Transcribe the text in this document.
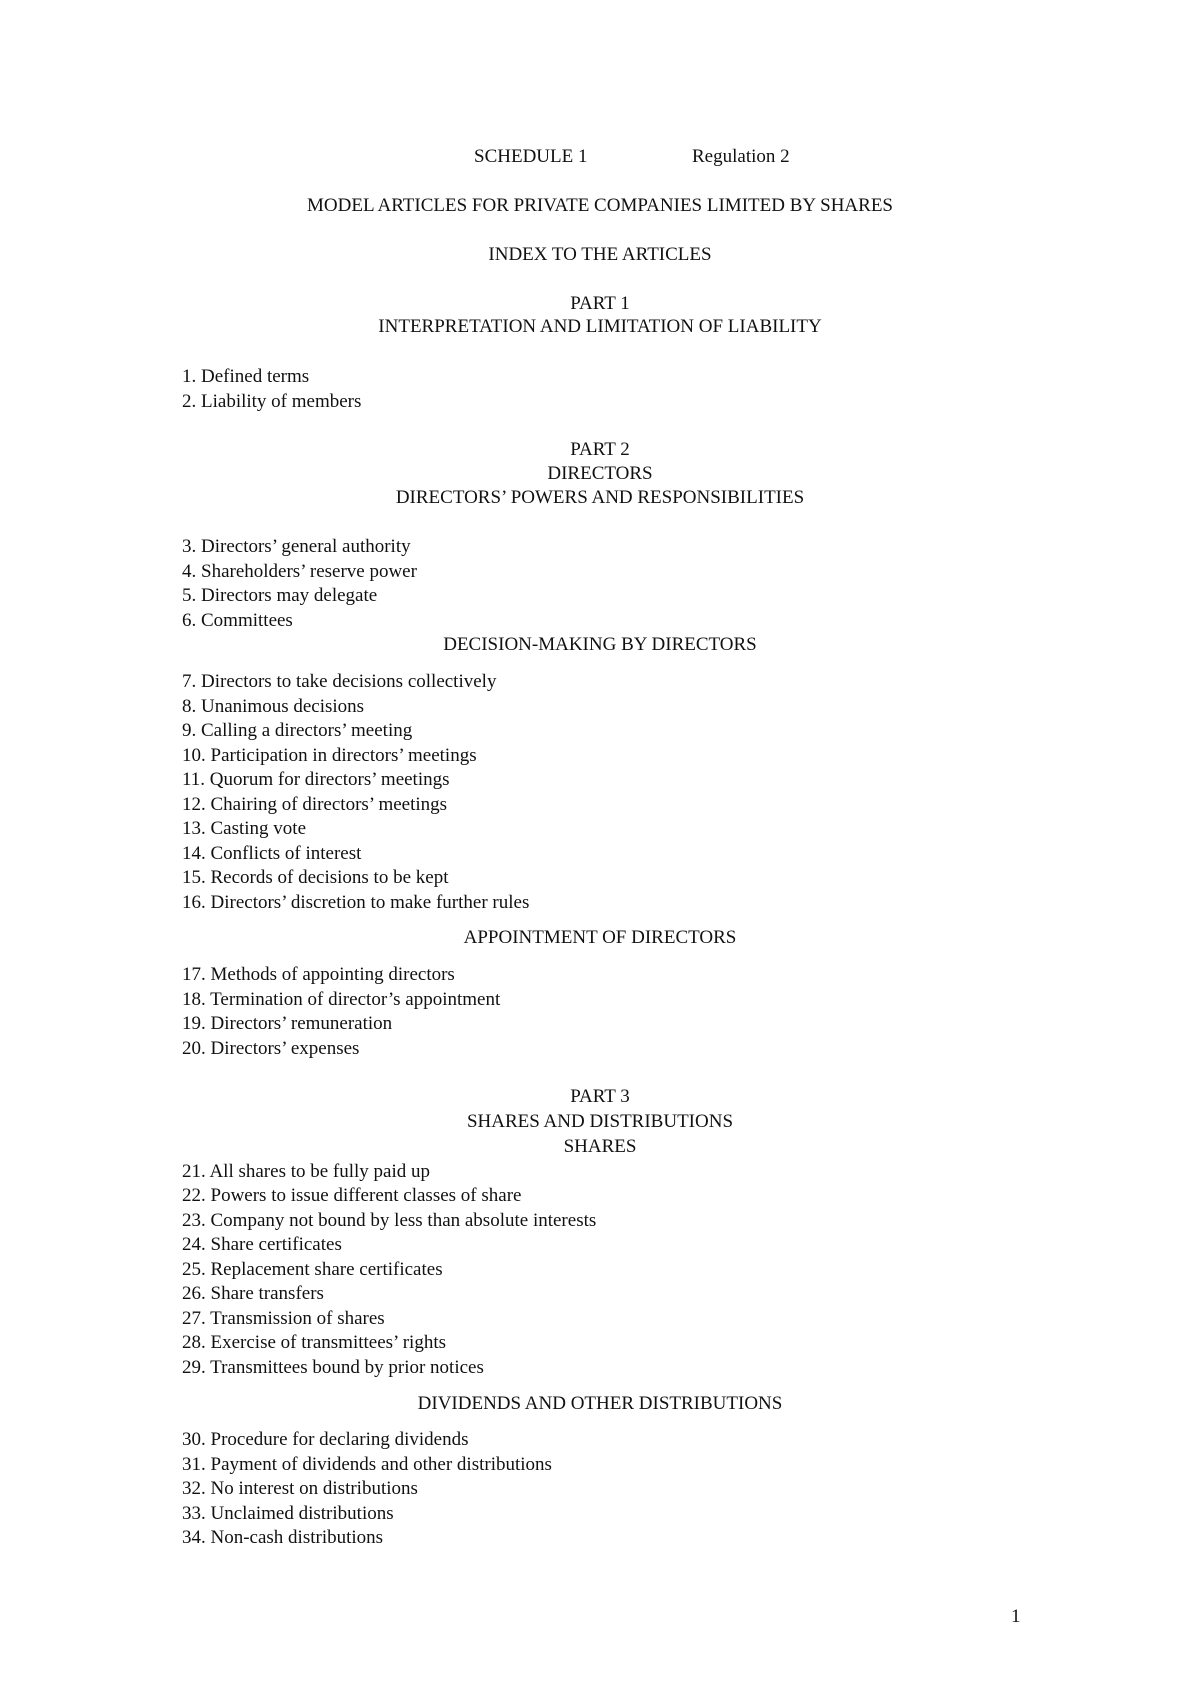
SCHEDULE 1	Regulation 2
MODEL ARTICLES FOR PRIVATE COMPANIES LIMITED BY SHARES
INDEX TO THE ARTICLES
PART 1
INTERPRETATION AND LIMITATION OF LIABILITY
1. Defined terms
2. Liability of members
PART 2
DIRECTORS
DIRECTORS’ POWERS AND RESPONSIBILITIES
3. Directors’ general authority
4. Shareholders’ reserve power
5. Directors may delegate
6. Committees
DECISION-MAKING BY DIRECTORS
7. Directors to take decisions collectively
8. Unanimous decisions
9. Calling a directors’ meeting
10. Participation in directors’ meetings
11. Quorum for directors’ meetings
12. Chairing of directors’ meetings
13. Casting vote
14. Conflicts of interest
15. Records of decisions to be kept
16. Directors’ discretion to make further rules
APPOINTMENT OF DIRECTORS
17. Methods of appointing directors
18. Termination of director’s appointment
19. Directors’ remuneration
20. Directors’ expenses
PART 3
SHARES AND DISTRIBUTIONS
SHARES
21. All shares to be fully paid up
22. Powers to issue different classes of share
23. Company not bound by less than absolute interests
24. Share certificates
25. Replacement share certificates
26. Share transfers
27. Transmission of shares
28. Exercise of transmittees’ rights
29. Transmittees bound by prior notices
DIVIDENDS AND OTHER DISTRIBUTIONS
30. Procedure for declaring dividends
31. Payment of dividends and other distributions
32. No interest on distributions
33. Unclaimed distributions
34. Non-cash distributions
1
